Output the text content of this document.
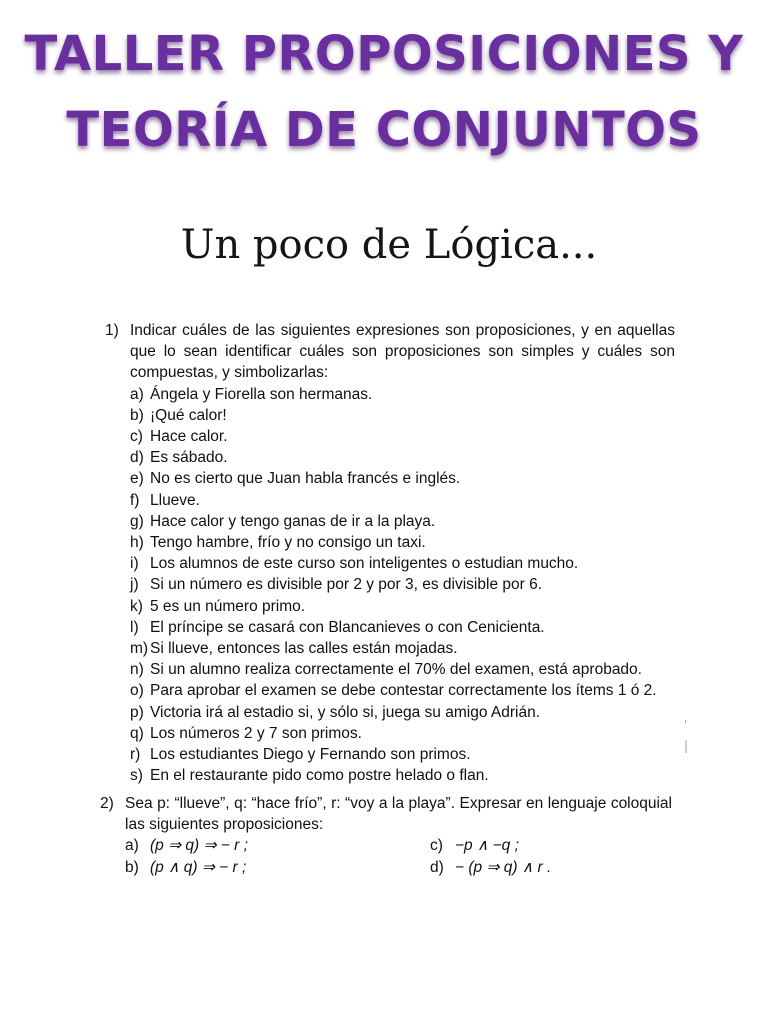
TALLER PROPOSICIONES Y
TEORÍA DE CONJUNTOS
Un poco de Lógica...
1) Indicar cuáles de las siguientes expresiones son proposiciones, y en aquellas que lo sean identificar cuáles son proposiciones son simples y cuáles son compuestas, y simbolizarlas:
a) Ángela y Fiorella son hermanas.
b) ¡Qué calor!
c) Hace calor.
d) Es sábado.
e) No es cierto que Juan habla francés e inglés.
f) Llueve.
g) Hace calor y tengo ganas de ir a la playa.
h) Tengo hambre, frío y no consigo un taxi.
i) Los alumnos de este curso son inteligentes o estudian mucho.
j) Si un número es divisible por 2 y por 3, es divisible por 6.
k) 5 es un número primo.
l) El príncipe se casará con Blancanieves o con Cenicienta.
m) Si llueve, entonces las calles están mojadas.
n) Si un alumno realiza correctamente el 70% del examen, está aprobado.
o) Para aprobar el examen se debe contestar correctamente los ítems 1 ó 2.
p) Victoria irá al estadio si, y sólo si, juega su amigo Adrián.
q) Los números 2 y 7 son primos.
r) Los estudiantes Diego y Fernando son primos.
s) En el restaurante pido como postre helado o flan.
'
|
2) Sea p: “llueve”, q: “hace frío”, r: “voy a la playa”. Expresar en lenguaje coloquial las siguientes proposiciones:
a) (p ⇒ q) ⇒ − r ;	c) −p ∧ −q ;
b) (p ∧ q) ⇒ − r ;	d) − (p ⇒ q) ∧ r .
